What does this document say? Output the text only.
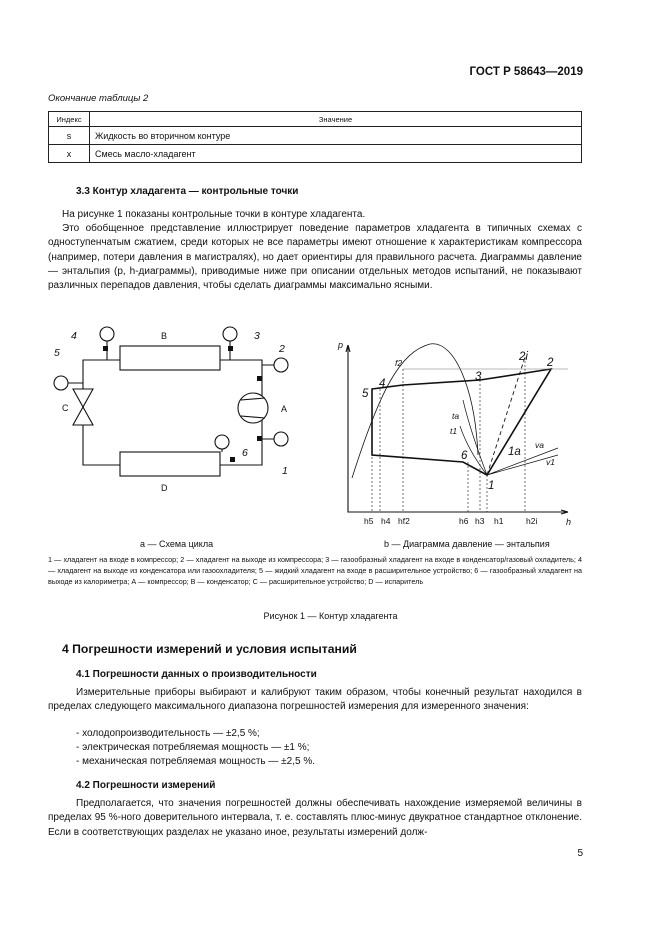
ГОСТ Р 58643—2019
Окончание таблицы 2
Индекс	Значение
s	Жидкость во вторичном контуре
x	Смесь масло-хладагент
3.3 Контур хладагента — контрольные точки
На рисунке 1 показаны контрольные точки в контуре хладагента.
Это обобщенное представление иллюстрирует поведение параметров хладагента в типичных схемах с одноступенчатым сжатием, среди которых не все параметры имеют отношение к характеристикам компрессора (например, потери давления в магистралях), но дает ориентиры для правильного расчета. Диаграммы давление — энтальпия (p, h-диаграммы), приводимые ниже при описании отдельных методов испытаний, не показывают различных перепадов давления, чтобы сделать диаграммы максимально ясными.
4	3
2
5
6
1
B
D
C	A
p
h
5
4
3
2
2i
6
1
1a
f2
ta
t1
va
v1
h5 h4 hf2	h6 h3 h1	h2i
а — Схема цикла	b — Диаграмма давление — энтальпия
1 — хладагент на входе в компрессор; 2 — хладагент на выходе из компрессора; 3 — газообразный хладагент на входе в конденсатор/газовый охладитель; 4 — хладагент на выходе из конденсатора или газоохладителя; 5 — жидкий хладагент на входе в расширительное устройство; 6 — газообразный хладагент на выходе из калориметра; А — компрессор; В — конденсатор; С — расширительное устройство; D — испаритель
Рисунок 1 — Контур хладагента
4 Погрешности измерений и условия испытаний
4.1 Погрешности данных о производительности
Измерительные приборы выбирают и калибруют таким образом, чтобы конечный результат находился в пределах следующего максимального диапазона погрешностей измерения для измеренного значения:
- холодопроизводительность — ±2,5 %;
- электрическая потребляемая мощность — ±1 %;
- механическая потребляемая мощность — ±2,5 %.
4.2 Погрешности измерений
Предполагается, что значения погрешностей должны обеспечивать нахождение измеряемой величины в пределах 95 %-ного доверительного интервала, т. е. составлять плюс-минус двукратное стандартное отклонение. Если в соответствующих разделах не указано иное, результаты измерений долж-
5
